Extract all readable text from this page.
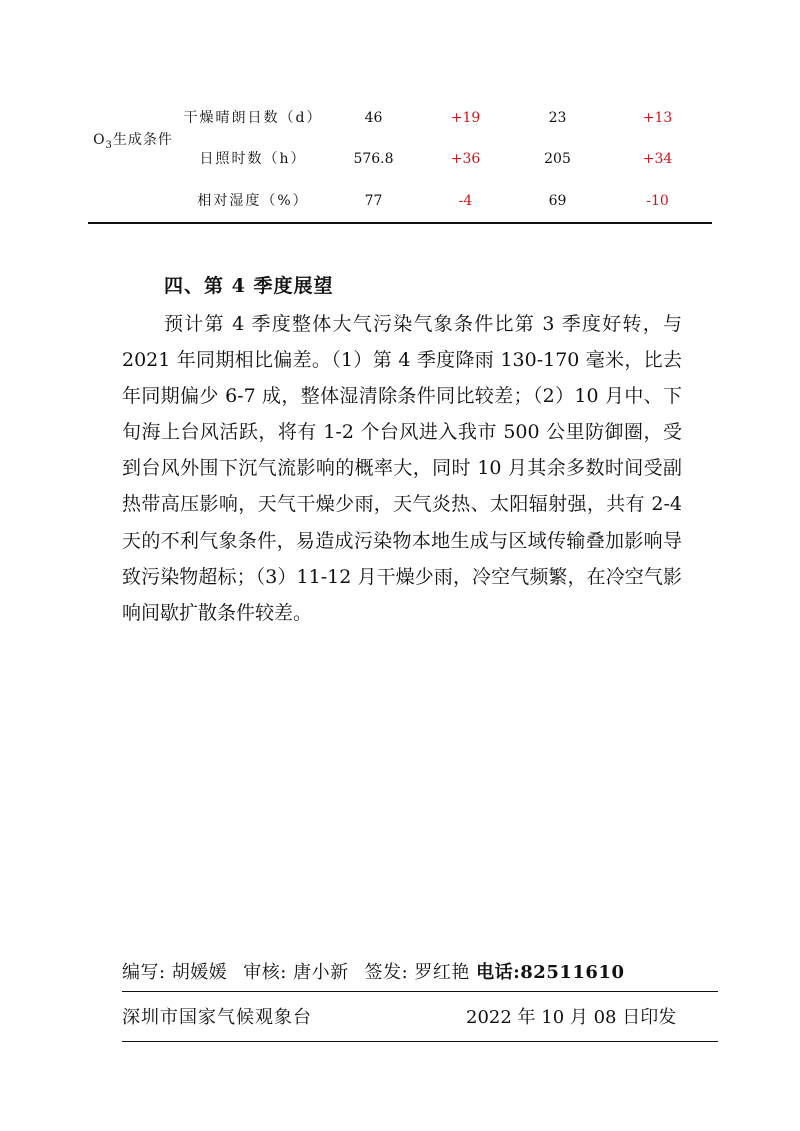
$O_3$生成条件
干燥晴朗日数（d）	46	+19	23	+13
日照时数（h）	576.8	+36	205	+34
相对湿度（%）	77	-4	69	-10
四、第 4 季度展望
预计第 4 季度整体大气污染气象条件比第 3 季度好转，与 2021 年同期相比偏差。（1）第 4 季度降雨 130-170 毫米，比去年同期偏少 6-7 成，整体湿清除条件同比较差；（2）10 月中、下旬海上台风活跃，将有 1-2 个台风进入我市 500 公里防御圈，受到台风外围下沉气流影响的概率大，同时 10 月其余多数时间受副热带高压影响，天气干燥少雨，天气炎热、太阳辐射强，共有 2-4 天的不利气象条件，易造成污染物本地生成与区域传输叠加影响导致污染物超标；（3）11-12 月干燥少雨，冷空气频繁，在冷空气影响间歇扩散条件较差。
编写: 胡媛媛 审核: 唐小新 签发: 罗红艳 电话:82511610
深圳市国家气候观象台	2022 年 10 月 08 日印发
